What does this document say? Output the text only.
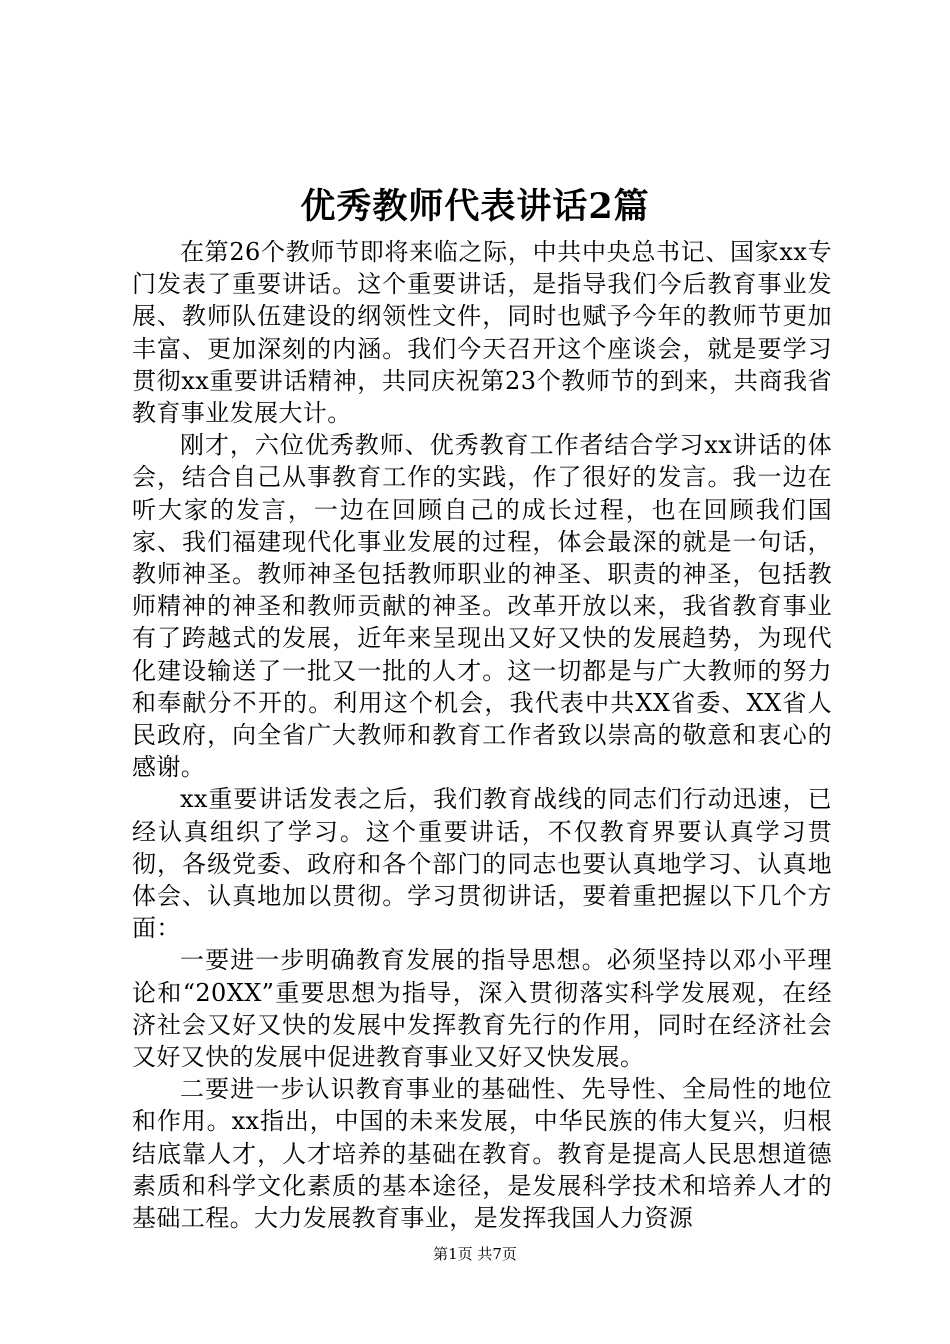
优秀教师代表讲话2篇

在第26个教师节即将来临之际，中共中央总书记、国家xx专门发表了重要讲话。这个重要讲话，是指导我们今后教育事业发展、教师队伍建设的纲领性文件，同时也赋予今年的教师节更加丰富、更加深刻的内涵。我们今天召开这个座谈会，就是要学习贯彻xx重要讲话精神，共同庆祝第23个教师节的到来，共商我省教育事业发展大计。

刚才，六位优秀教师、优秀教育工作者结合学习xx讲话的体会，结合自己从事教育工作的实践，作了很好的发言。我一边在听大家的发言，一边在回顾自己的成长过程，也在回顾我们国家、我们福建现代化事业发展的过程，体会最深的就是一句话，教师神圣。教师神圣包括教师职业的神圣、职责的神圣，包括教师精神的神圣和教师贡献的神圣。改革开放以来，我省教育事业有了跨越式的发展，近年来呈现出又好又快的发展趋势，为现代化建设输送了一批又一批的人才。这一切都是与广大教师的努力和奉献分不开的。利用这个机会，我代表中共XX省委、XX省人民政府，向全省广大教师和教育工作者致以崇高的敬意和衷心的感谢。

xx重要讲话发表之后，我们教育战线的同志们行动迅速，已经认真组织了学习。这个重要讲话，不仅教育界要认真学习贯彻，各级党委、政府和各个部门的同志也要认真地学习、认真地体会、认真地加以贯彻。学习贯彻讲话，要着重把握以下几个方面：

一要进一步明确教育发展的指导思想。必须坚持以邓小平理论和“20XX”重要思想为指导，深入贯彻落实科学发展观，在经济社会又好又快的发展中发挥教育先行的作用，同时在经济社会又好又快的发展中促进教育事业又好又快发展。

二要进一步认识教育事业的基础性、先导性、全局性的地位和作用。xx指出，中国的未来发展，中华民族的伟大复兴，归根结底靠人才，人才培养的基础在教育。教育是提高人民思想道德素质和科学文化素质的基本途径，是发展科学技术和培养人才的基础工程。大力发展教育事业，是发挥我国人力资源

第1页 共7页
